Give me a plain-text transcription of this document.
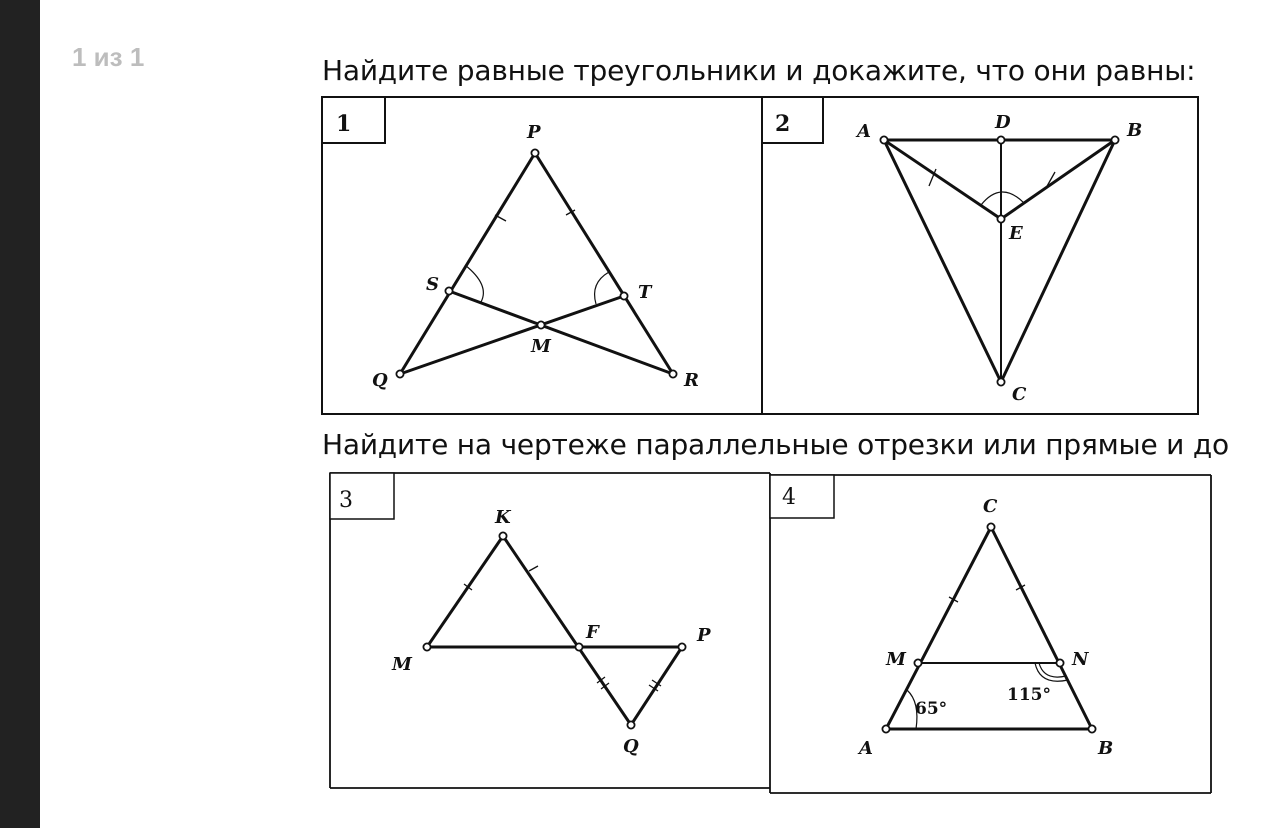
1 из 1	Найдите равные треугольники и докажите, что они равны:
Найдите на чертеже параллельные отрезки или прямые и до
1	P
S	T
M
Q	R
2	A	D	B
E
C
3
K
M
F	P
Q
4	C
M	N
A	B
65°
115°
